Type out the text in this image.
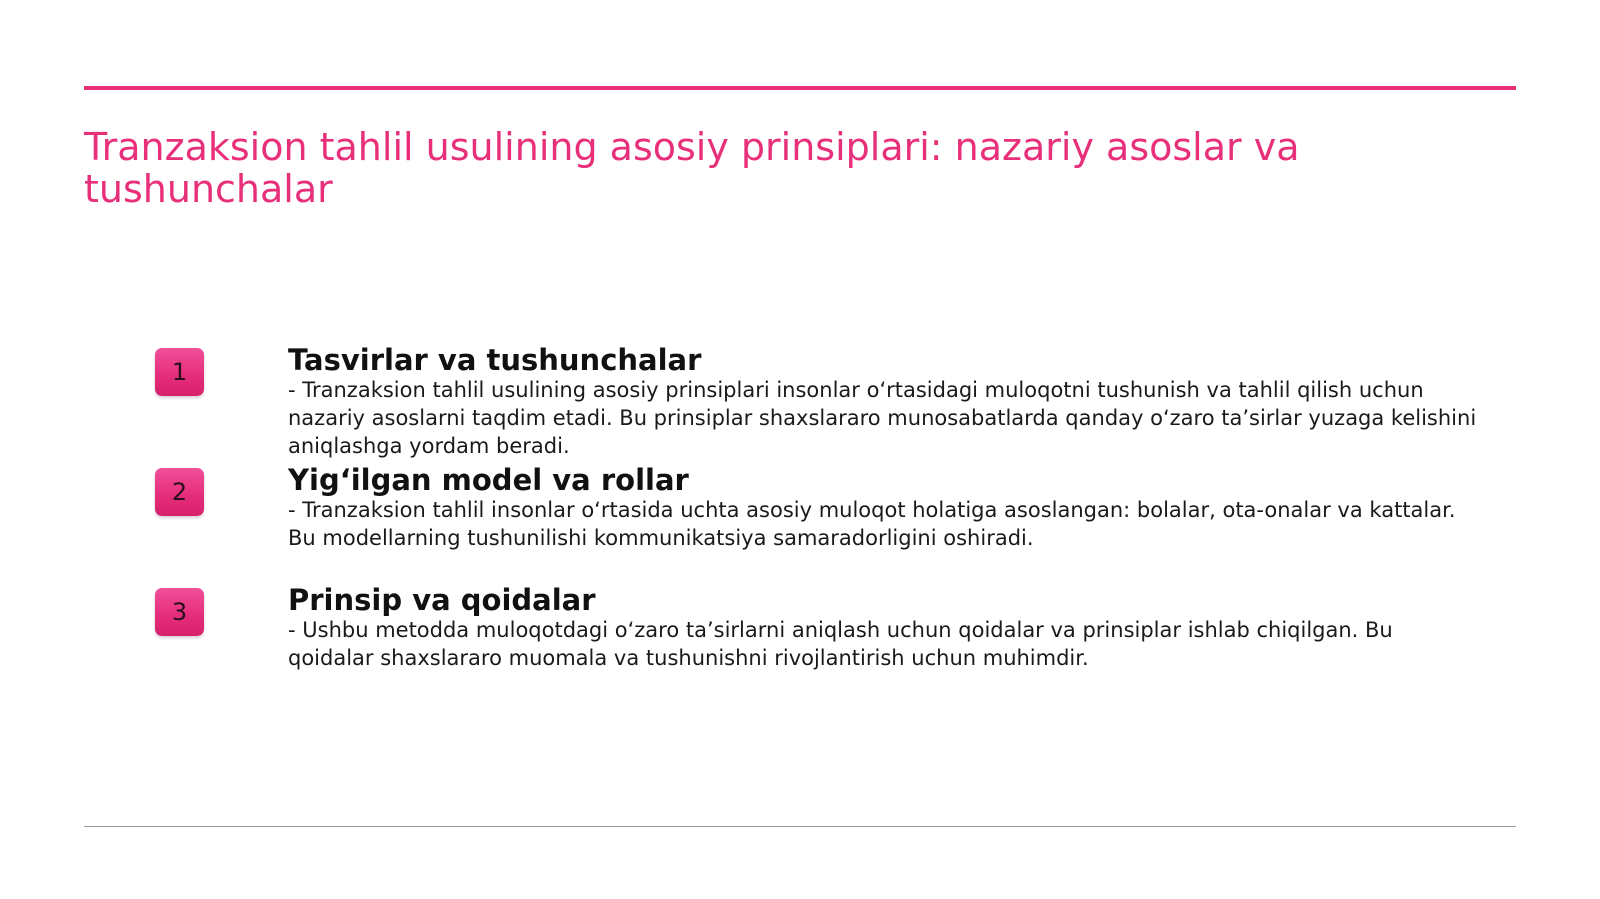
Tranzaksion tahlil usulining asosiy prinsiplari: nazariy asoslar va tushunchalar
1	Tasvirlar va tushunchalar

- Tranzaksion tahlil usulining asosiy prinsiplari insonlar o‘rtasidagi muloqotni tushunish va tahlil qilish uchun nazariy asoslarni taqdim etadi. Bu prinsiplar shaxslararo munosabatlarda qanday o‘zaro ta’sirlar yuzaga kelishini aniqlashga yordam beradi.

2	Yig‘ilgan model va rollar

- Tranzaksion tahlil insonlar o‘rtasida uchta asosiy muloqot holatiga asoslangan: bolalar, ota-onalar va kattalar. Bu modellarning tushunilishi kommunikatsiya samaradorligini oshiradi.

3	Prinsip va qoidalar

- Ushbu metodda muloqotdagi o‘zaro ta’sirlarni aniqlash uchun qoidalar va prinsiplar ishlab chiqilgan. Bu qoidalar shaxslararo muomala va tushunishni rivojlantirish uchun muhimdir.
